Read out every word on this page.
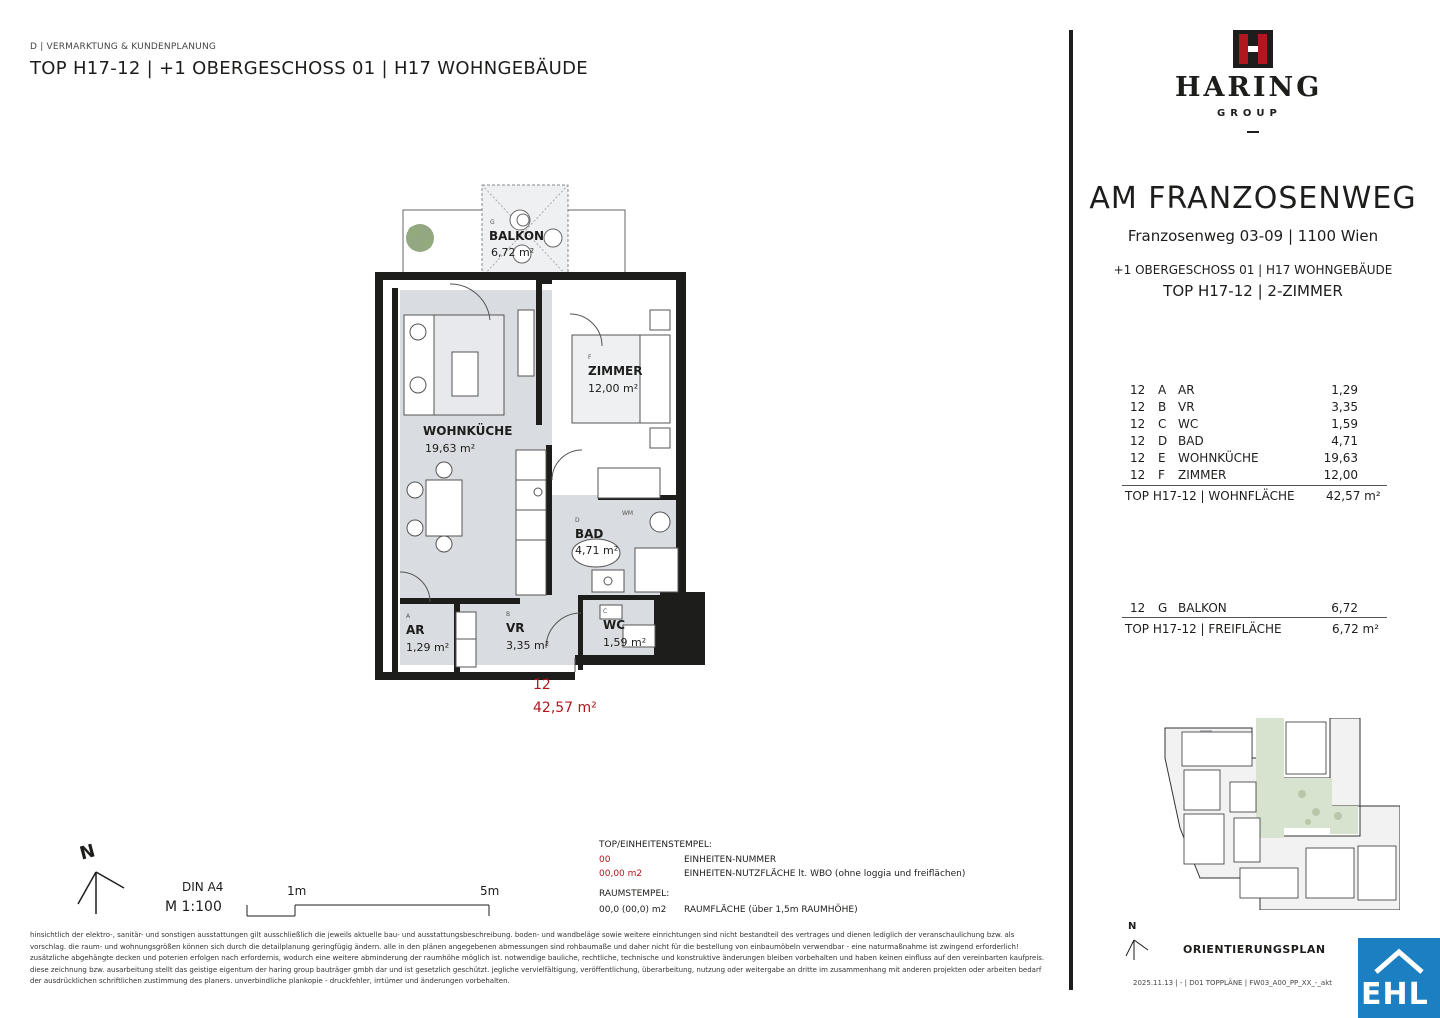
D | VERMARKTUNG & KUNDENPLANUNG
TOP H17-12 | +1 OBERGESCHOSS 01 | H17 WOHNGEBÄUDE
BALKON
6,72 m²
G
WOHNKÜCHE
19,63 m²
ZIMMER
12,00 m²
F
BAD
4,71 m²
D
WM
AR
1,29 m²
A
VR
3,35 m²
B
WC
1,59 m²
C
12
42,57 m²
N
DIN A4
M 1:100
1m	5m
TOP/EINHEITENSTEMPEL:
00	EINHEITEN-NUMMER
00,00 m2	EINHEITEN-NUTZFLÄCHE lt. WBO (ohne loggia und freiflächen)
RAUMSTEMPEL:
00,0 (00,0) m2 RAUMFLÄCHE (über 1,5m RAUMHÖHE)
hinsichtlich der elektro-, sanitär- und sonstigen ausstattungen gilt ausschließlich die jeweils aktuelle bau- und ausstattungsbeschreibung. boden- und wandbeläge sowie weitere einrichtungen sind nicht bestandteil des vertrages und dienen lediglich der veranschaulichung bzw. als
vorschlag. die raum- und wohnungsgrößen können sich durch die detailplanung geringfügig ändern. alle in den plänen angegebenen abmessungen sind rohbaumaße und daher nicht für die bestellung von einbaumöbeln verwendbar - eine naturmaßnahme ist zwingend erforderlich!
zusätzliche abgehängte decken und poterien erfolgen nach erfordernis, wodurch eine weitere abminderung der raumhöhe möglich ist. notwendige bauliche, rechtliche, technische und konstruktive änderungen bleiben vorbehalten und haben keinen einfluss auf den vereinbarten kaufpreis.
diese zeichnung bzw. ausarbeitung stellt das geistige eigentum der haring group bauträger gmbh dar und ist gesetzlich geschützt. jegliche vervielfältigung, veröffentlichung, überarbeitung, nutzung oder weitergabe an dritte im zusammenhang mit anderen projekten oder arbeiten bedarf
der ausdrücklichen schriftlichen zustimmung des planers. unverbindliche plankopie - druckfehler, irrtümer und änderungen vorbehalten.
HARING
GROUP
AM FRANZOSENWEG
Franzosenweg 03-09 | 1100 Wien
+1 OBERGESCHOSS 01 | H17 WOHNGEBÄUDE
TOP H17-12 | 2-ZIMMER
12 A AR	1,29
12 B VR	3,35
12 C WC	1,59
12 D BAD	4,71
12 E WOHNKÜCHE	19,63
12 F ZIMMER	12,00
TOP H17-12 | WOHNFLÄCHE	42,57 m²
12 G BALKON	6,72
TOP H17-12 | FREIFLÄCHE	6,72 m²
N
ORIENTIERUNGSPLAN
2025.11.13 | - | D01 TOPPLÄNE | FW03_A00_PP_XX_-_akt EHL
